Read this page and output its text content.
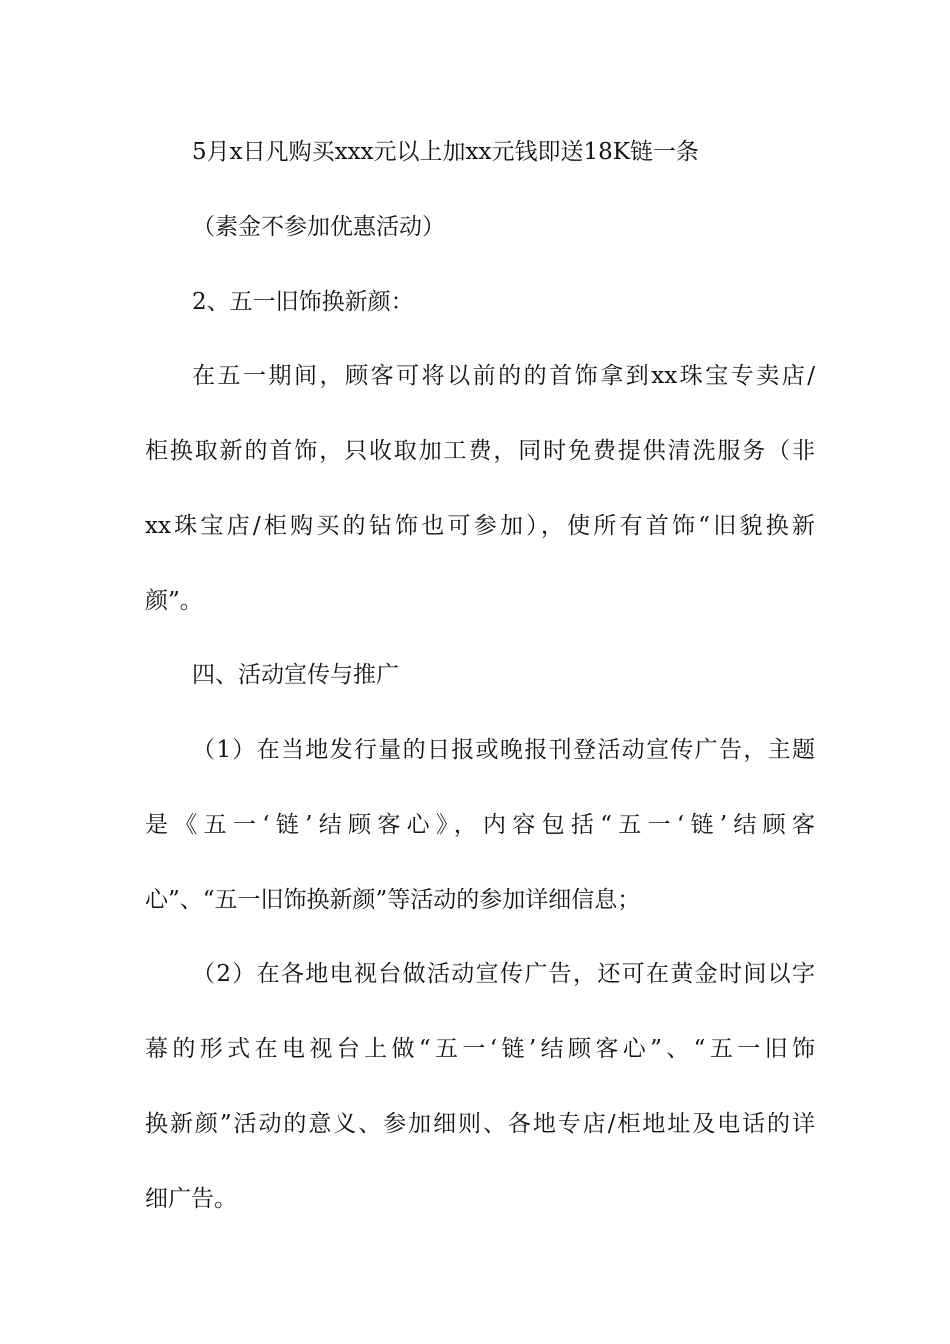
5月x日凡购买xxx元以上加xx元钱即送18K链一条
（素金不参加优惠活动）
2、五一旧饰换新颜：
在五一期间，顾客可将以前的的首饰拿到xx珠宝专卖店/
柜换取新的首饰，只收取加工费，同时免费提供清洗服务（非
xx珠宝店/柜购买的钻饰也可参加），使所有首饰“旧貌换新
颜”。
四、活动宣传与推广
（1）在当地发行量的日报或晚报刊登活动宣传广告，主题
是《五一‘链’结顾客心》，内容包括“五一‘链’结顾客
心”、“五一旧饰换新颜”等活动的参加详细信息；
（2）在各地电视台做活动宣传广告，还可在黄金时间以字
幕的形式在电视台上做“五一‘链’结顾客心”、“五一旧饰
换新颜”活动的意义、参加细则、各地专店/柜地址及电话的详
细广告。
